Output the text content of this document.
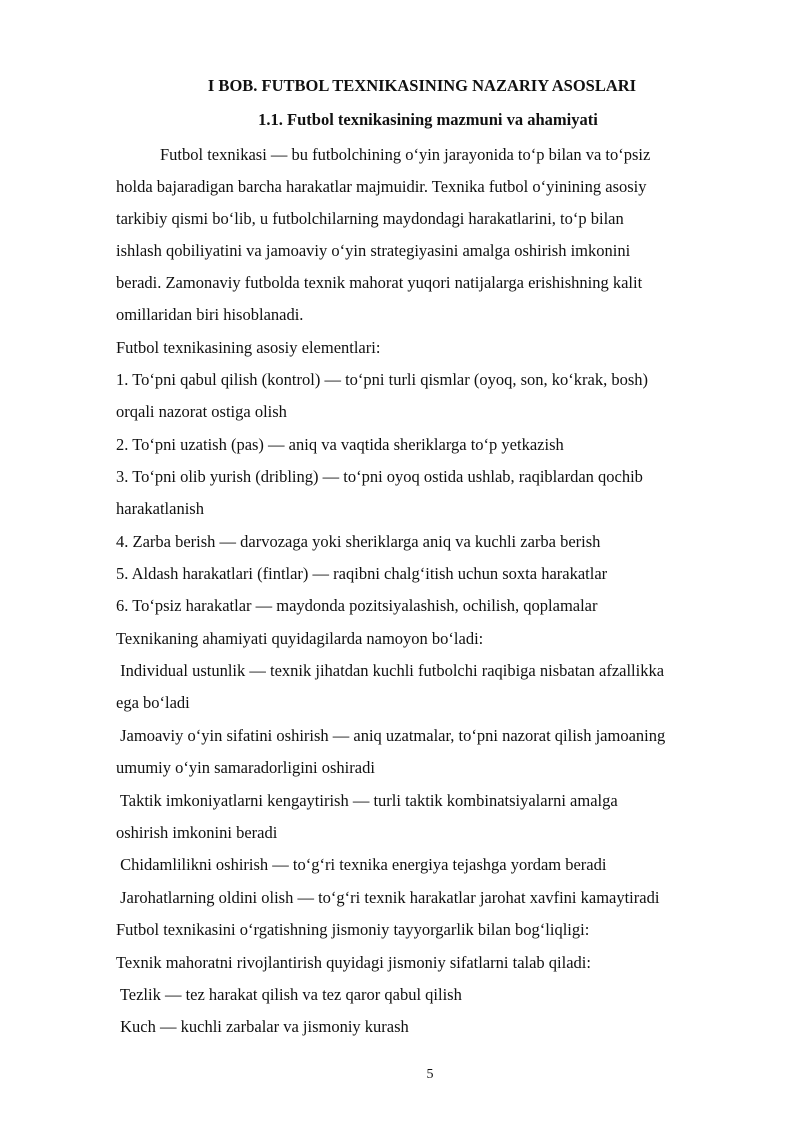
I BOB. FUTBOL TEXNIKASINING NAZARIY ASOSLARI
1.1. Futbol texnikasining mazmuni va ahamiyati
Futbol texnikasi — bu futbolchining o‘yin jarayonida to‘p bilan va to‘psiz
holda bajaradigan barcha harakatlar majmuidir. Texnika futbol o‘yinining asosiy
tarkibiy qismi bo‘lib, u futbolchilarning maydondagi harakatlarini, to‘p bilan
ishlash qobiliyatini va jamoaviy o‘yin strategiyasini amalga oshirish imkonini
beradi. Zamonaviy futbolda texnik mahorat yuqori natijalarga erishishning kalit
omillaridan biri hisoblanadi.
Futbol texnikasining asosiy elementlari:
1. To‘pni qabul qilish (kontrol) — to‘pni turli qismlar (oyoq, son, ko‘krak, bosh)
orqali nazorat ostiga olish
2. To‘pni uzatish (pas) — aniq va vaqtida sheriklarga to‘p yetkazish
3. To‘pni olib yurish (dribling) — to‘pni oyoq ostida ushlab, raqiblardan qochib
harakatlanish
4. Zarba berish — darvozaga yoki sheriklarga aniq va kuchli zarba berish
5. Aldash harakatlari (fintlar) — raqibni chalg‘itish uchun soxta harakatlar
6. To‘psiz harakatlar — maydonda pozitsiyalashish, ochilish, qoplamalar
Texnikaning ahamiyati quyidagilarda namoyon bo‘ladi:
Individual ustunlik — texnik jihatdan kuchli futbolchi raqibiga nisbatan afzallikka
ega bo‘ladi
Jamoaviy o‘yin sifatini oshirish — aniq uzatmalar, to‘pni nazorat qilish jamoaning
umumiy o‘yin samaradorligini oshiradi
Taktik imkoniyatlarni kengaytirish — turli taktik kombinatsiyalarni amalga
oshirish imkonini beradi
Chidamlilikni oshirish — to‘g‘ri texnika energiya tejashga yordam beradi
Jarohatlarning oldini olish — to‘g‘ri texnik harakatlar jarohat xavfini kamaytiradi
Futbol texnikasini o‘rgatishning jismoniy tayyorgarlik bilan bog‘liqligi:
Texnik mahoratni rivojlantirish quyidagi jismoniy sifatlarni talab qiladi:
Tezlik — tez harakat qilish va tez qaror qabul qilish
Kuch — kuchli zarbalar va jismoniy kurash
5
